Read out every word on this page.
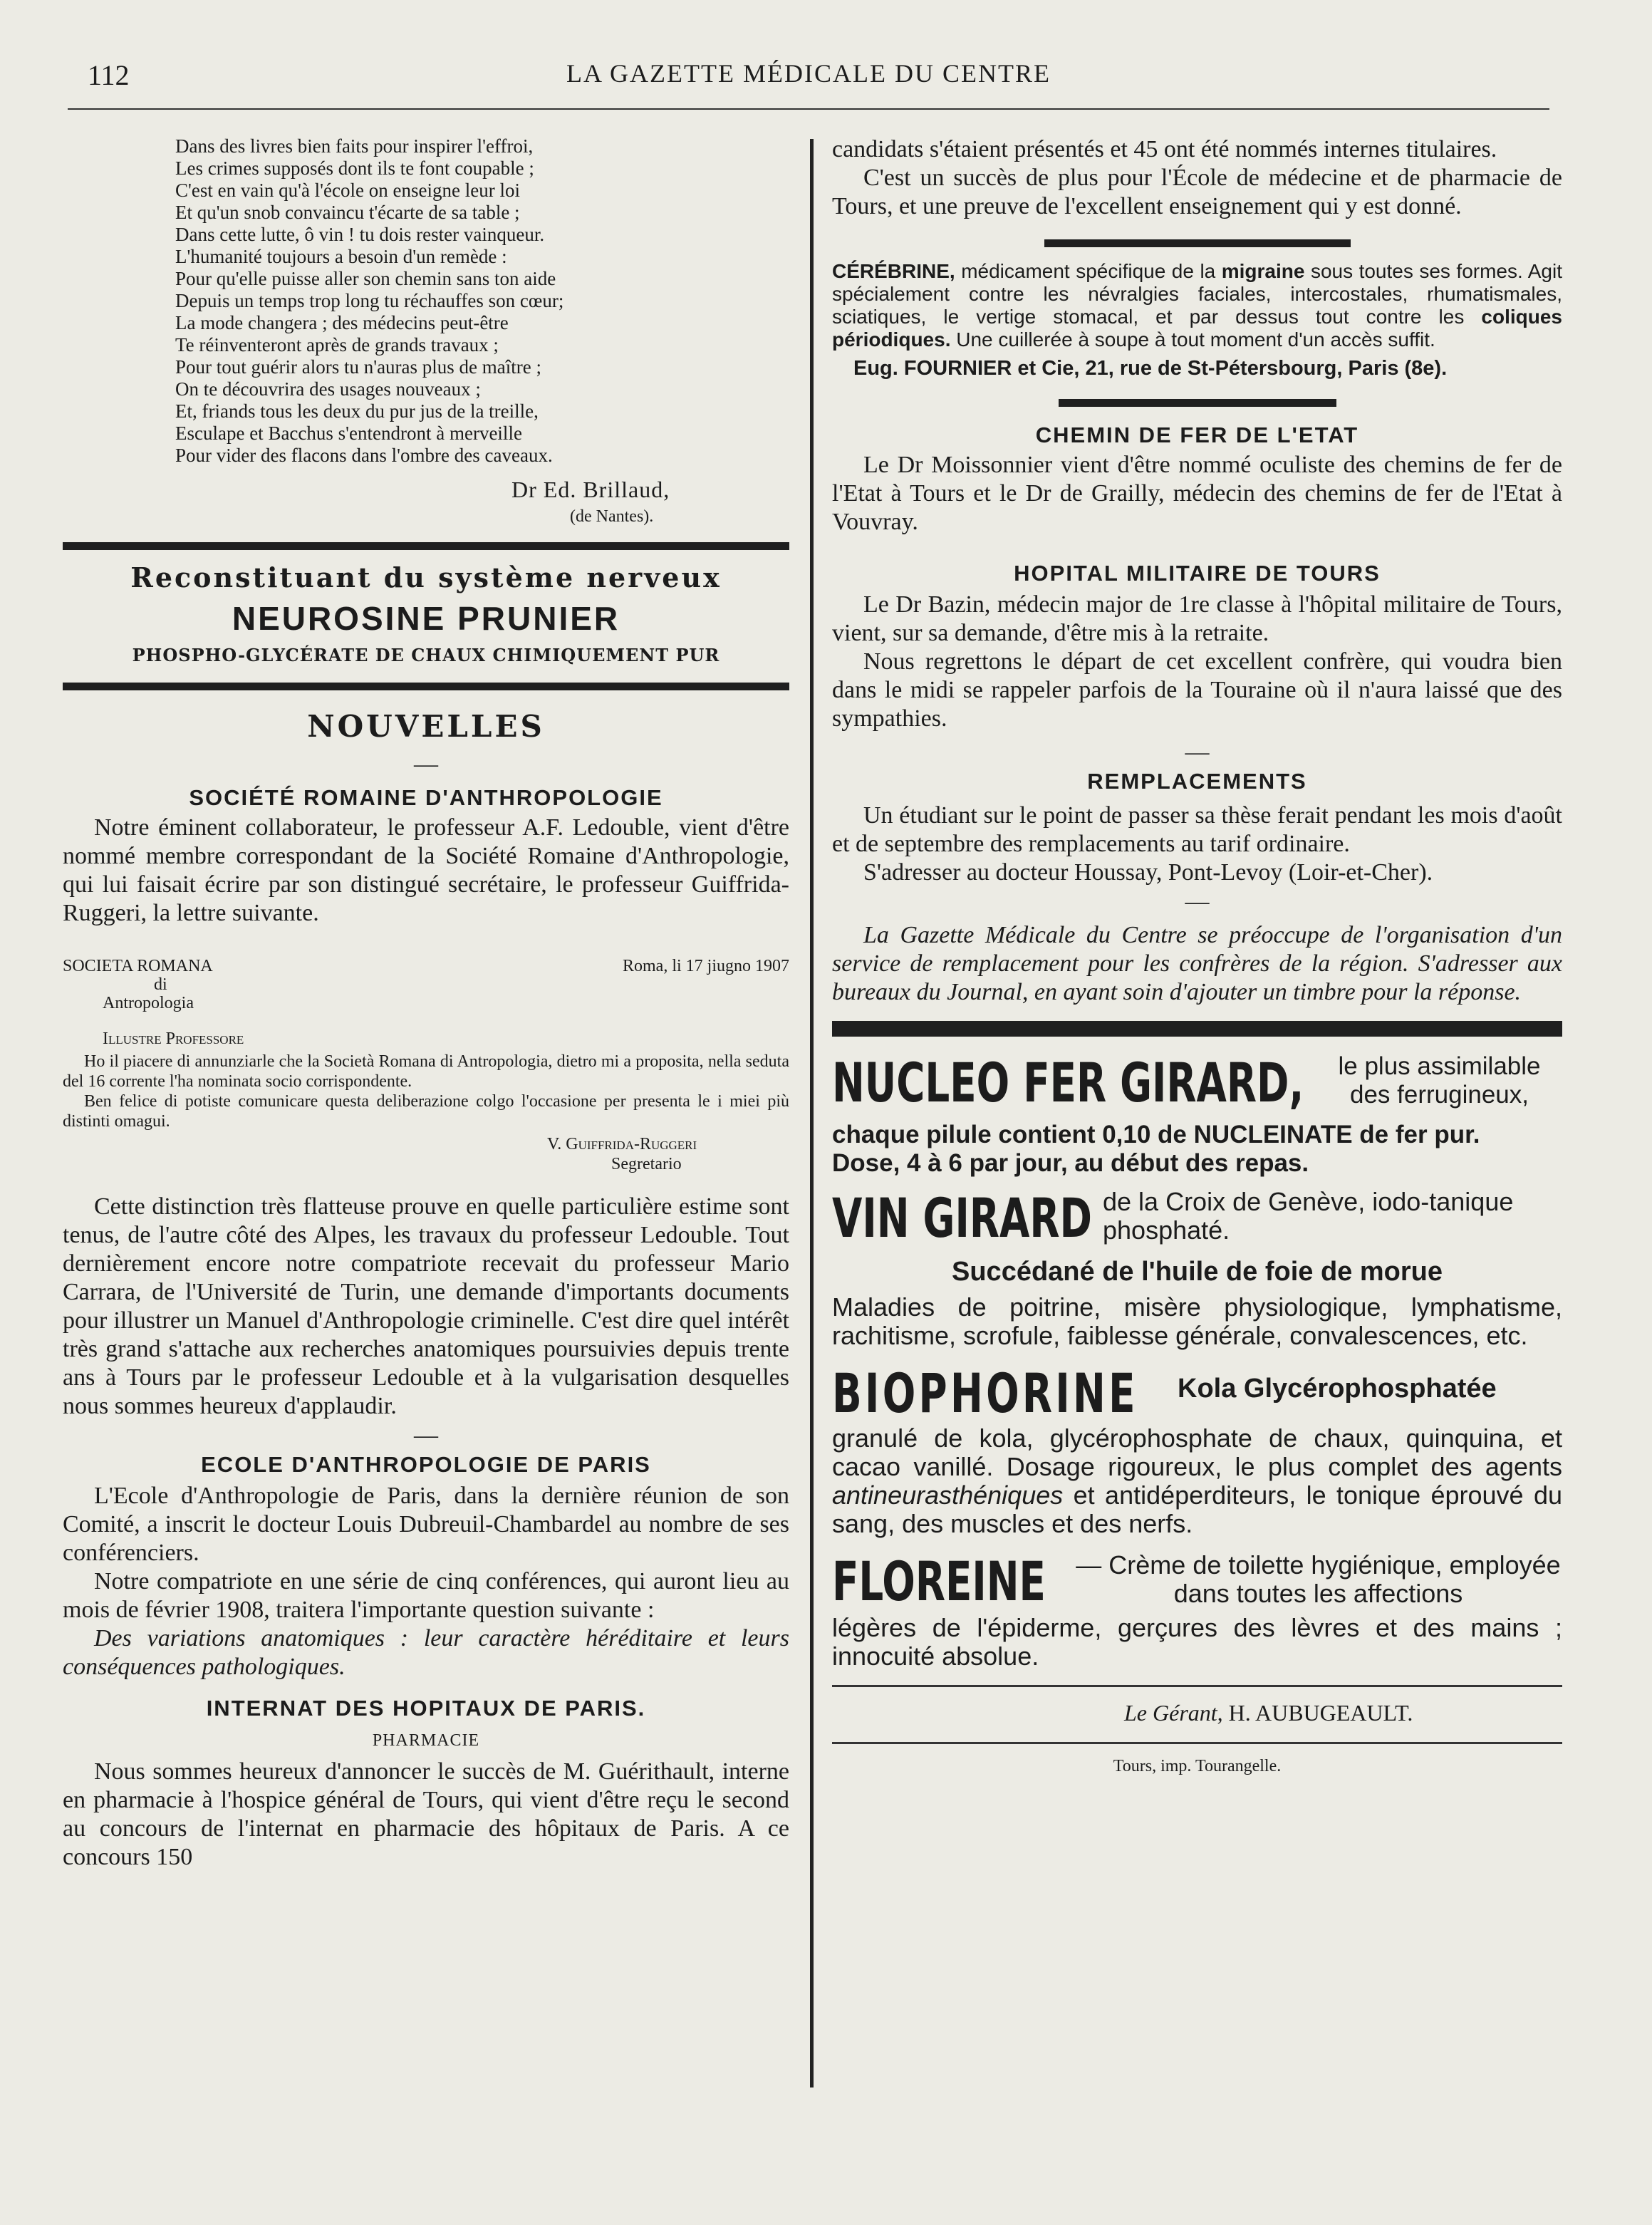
112	LA GAZETTE MÉDICALE DU CENTRE
Dans des livres bien faits pour inspirer l'effroi,
Les crimes supposés dont ils te font coupable ;
C'est en vain qu'à l'école on enseigne leur loi
Et qu'un snob convaincu t'écarte de sa table ;
Dans cette lutte, ô vin ! tu dois rester vainqueur.
L'humanité toujours a besoin d'un remède :
Pour qu'elle puisse aller son chemin sans ton aide
Depuis un temps trop long tu réchauffes son cœur;
La mode changera ; des médecins peut-être
Te réinventeront après de grands travaux ;
Pour tout guérir alors tu n'auras plus de maître ;
On te découvrira des usages nouveaux ;
Et, friands tous les deux du pur jus de la treille,
Esculape et Bacchus s'entendront à merveille
Pour vider des flacons dans l'ombre des caveaux.
Dr Ed. Brillaud,
(de Nantes).
Reconstituant du système nerveux
NEUROSINE PRUNIER
PHOSPHO-GLYCÉRATE DE CHAUX CHIMIQUEMENT PUR
NOUVELLES
—
SOCIÉTÉ ROMAINE D'ANTHROPOLOGIE

Notre éminent collaborateur, le professeur A.F. Ledouble, vient d'être nommé membre correspondant de la Société Romaine d'Anthropologie, qui lui faisait écrire par son distingué secrétaire, le professeur Guiffrida-Ruggeri, la lettre suivante.

SOCIETA ROMANA
di
Antropologia
Roma, li 17 jiugno 1907
Illustre Professore

Ho il piacere di annunziarle che la Società Romana di Antropologia, dietro mi a proposita, nella seduta del 16 corrente l'ha nominata socio corrispondente.

Ben felice di potiste comunicare questa deliberazione colgo l'occasione per presenta le i miei più distinti omagui.

V. Guiffrida-Ruggeri
Segretario

Cette distinction très flatteuse prouve en quelle particulière estime sont tenus, de l'autre côté des Alpes, les travaux du professeur Ledouble. Tout dernièrement encore notre compatriote recevait du professeur Mario Carrara, de l'Université de Turin, une demande d'importants documents pour illustrer un Manuel d'Anthropologie criminelle. C'est dire quel intérêt très grand s'attache aux recherches anatomiques poursuivies depuis trente ans à Tours par le professeur Ledouble et à la vulgarisation desquelles nous sommes heureux d'applaudir.

—
ECOLE D'ANTHROPOLOGIE DE PARIS

L'Ecole d'Anthropologie de Paris, dans la dernière réunion de son Comité, a inscrit le docteur Louis Dubreuil-Chambardel au nombre de ses conférenciers.

Notre compatriote en une série de cinq conférences, qui auront lieu au mois de février 1908, traitera l'importante question suivante :

Des variations anatomiques : leur caractère héréditaire et leurs conséquences pathologiques.

INTERNAT DES HOPITAUX DE PARIS.
PHARMACIE

Nous sommes heureux d'annoncer le succès de M. Guérithault, interne en pharmacie à l'hospice général de Tours, qui vient d'être reçu le second au concours de l'internat en pharmacie des hôpitaux de Paris. A ce concours 150

candidats s'étaient présentés et 45 ont été nommés internes titulaires.

C'est un succès de plus pour l'École de médecine et de pharmacie de Tours, et une preuve de l'excellent enseignement qui y est donné.

CÉRÉBRINE, médicament spécifique de la migraine sous toutes ses formes. Agit spécialement contre les névralgies faciales, intercostales, rhumatismales, sciatiques, le vertige stomacal, et par dessus tout contre les coliques périodiques. Une cuillerée à soupe à tout moment d'un accès suffit.

Eug. FOURNIER et Cie, 21, rue de St-Pétersbourg, Paris (8e).

CHEMIN DE FER DE L'ETAT

Le Dr Moissonnier vient d'être nommé oculiste des chemins de fer de l'Etat à Tours et le Dr de Grailly, médecin des chemins de fer de l'Etat à Vouvray.

HOPITAL MILITAIRE DE TOURS

Le Dr Bazin, médecin major de 1re classe à l'hôpital militaire de Tours, vient, sur sa demande, d'être mis à la retraite.

Nous regrettons le départ de cet excellent confrère, qui voudra bien dans le midi se rappeler parfois de la Touraine où il n'aura laissé que des sympathies.

—
REMPLACEMENTS

Un étudiant sur le point de passer sa thèse ferait pendant les mois d'août et de septembre des remplacements au tarif ordinaire.

S'adresser au docteur Houssay, Pont-Levoy (Loir-et-Cher).

—

La Gazette Médicale du Centre se préoccupe de l'organisation d'un service de remplacement pour les confrères de la région. S'adresser aux bureaux du Journal, en ayant soin d'ajouter un timbre pour la réponse.

NUCLEO FER GIRARD,	le plus assimilable des ferrugineux,
chaque pilule contient 0,10 de NUCLEINATE de fer pur.
Dose, 4 à 6 par jour, au début des repas.
VIN GIRARD de la Croix de Genève, iodo-tanique phosphaté.
Succédané de l'huile de foie de morue

Maladies de poitrine, misère physiologique, lymphatisme, rachitisme, scrofule, faiblesse générale, convalescences, etc.

BIOPHORINE Kola Glycérophosphatée

granulé de kola, glycérophosphate de chaux, quinquina, et cacao vanillé. Dosage rigoureux, le plus complet des agents antineurasthéniques et antidéperditeurs, le tonique éprouvé du sang, des muscles et des nerfs.

FLOREINE — Crème de toilette hygiénique, employée dans toutes les affections

légères de l'épiderme, gerçures des lèvres et des mains ; innocuité absolue.

Le Gérant, H. AUBUGEAULT.
Tours, imp. Tourangelle.
